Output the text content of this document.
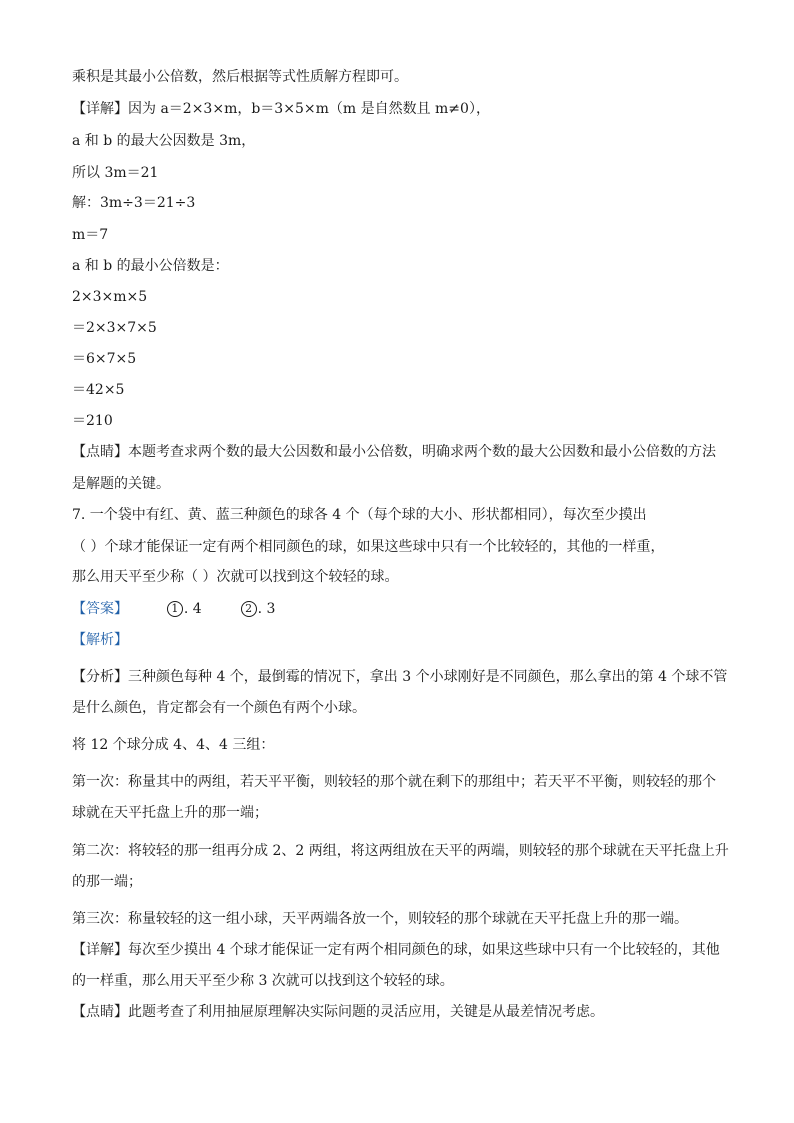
乘积是其最小公倍数，然后根据等式性质解方程即可。
【详解】因为 a＝2×3×m，b＝3×5×m（m 是自然数且 m≠0），
a 和 b 的最大公因数是 3m，
所以 3m＝21
解：3m÷3＝21÷3
m＝7
a 和 b 的最小公倍数是：
2×3×m×5
＝2×3×7×5
＝6×7×5
＝42×5
＝210
【点睛】本题考查求两个数的最大公因数和最小公倍数，明确求两个数的最大公因数和最小公倍数的方法
是解题的关键。
7. 一个袋中有红、黄、蓝三种颜色的球各 4 个（每个球的大小、形状都相同），每次至少摸出
（ ）个球才能保证一定有两个相同颜色的球，如果这些球中只有一个比较轻的，其他的一样重，
那么用天平至少称（ ）次就可以找到这个较轻的球。
【答案】	1 . 4	2 . 3
【解析】
【分析】三种颜色每种 4 个，最倒霉的情况下，拿出 3 个小球刚好是不同颜色，那么拿出的第 4 个球不管
是什么颜色，肯定都会有一个颜色有两个小球。
将 12 个球分成 4、4、4 三组：
第一次：称量其中的两组，若天平平衡，则较轻的那个就在剩下的那组中；若天平不平衡，则较轻的那个
球就在天平托盘上升的那一端；
第二次：将较轻的那一组再分成 2、2 两组，将这两组放在天平的两端，则较轻的那个球就在天平托盘上升
的那一端；
第三次：称量较轻的这一组小球，天平两端各放一个，则较轻的那个球就在天平托盘上升的那一端。
【详解】每次至少摸出 4 个球才能保证一定有两个相同颜色的球，如果这些球中只有一个比较轻的，其他
的一样重，那么用天平至少称 3 次就可以找到这个较轻的球。
【点睛】此题考查了利用抽屉原理解决实际问题的灵活应用，关键是从最差情况考虑。
